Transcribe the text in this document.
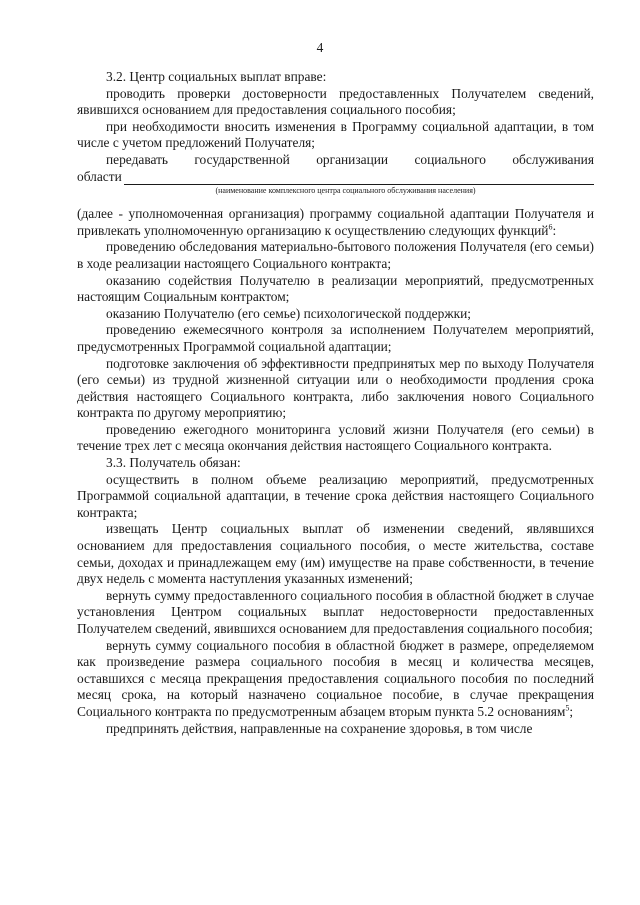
4

3.2. Центр социальных выплат вправе:

проводить проверки достоверности предоставленных Получателем сведений, явившихся основанием для предоставления социального пособия;

при необходимости вносить изменения в Программу социальной адаптации, в том числе с учетом предложений Получателя;

передавать государственной организации социального обслуживания

области
(наименование комплексного центра социального обслуживания населения)

(далее - уполномоченная организация) программу социальной адаптации Получателя и привлекать уполномоченную организацию к осуществлению следующих функций$^6$:

проведению обследования материально-бытового положения Получателя (его семьи) в ходе реализации настоящего Социального контракта;

оказанию содействия Получателю в реализации мероприятий, предусмотренных настоящим Социальным контрактом;

оказанию Получателю (его семье) психологической поддержки;

проведению ежемесячного контроля за исполнением Получателем мероприятий, предусмотренных Программой социальной адаптации;

подготовке заключения об эффективности предпринятых мер по выходу Получателя (его семьи) из трудной жизненной ситуации или о необходимости продления срока действия настоящего Социального контракта, либо заключения нового Социального контракта по другому мероприятию;

проведению ежегодного мониторинга условий жизни Получателя (его семьи) в течение трех лет с месяца окончания действия настоящего Социального контракта.

3.3. Получатель обязан:

осуществить в полном объеме реализацию мероприятий, предусмотренных Программой социальной адаптации, в течение срока действия настоящего Социального контракта;

извещать Центр социальных выплат об изменении сведений, являвшихся основанием для предоставления социального пособия, о месте жительства, составе семьи, доходах и принадлежащем ему (им) имуществе на праве собственности, в течение двух недель с момента наступления указанных изменений;

вернуть сумму предоставленного социального пособия в областной бюджет в случае установления Центром социальных выплат недостоверности предоставленных Получателем сведений, явившихся основанием для предоставления социального пособия;

вернуть сумму социального пособия в областной бюджет в размере, определяемом как произведение размера социального пособия в месяц и количества месяцев, оставшихся с месяца прекращения предоставления социального пособия по последний месяц срока, на который назначено социальное пособие, в случае прекращения Социального контракта по предусмотренным абзацем вторым пункта 5.2 основаниям$^5$;

предпринять действия, направленные на сохранение здоровья, в том числе
